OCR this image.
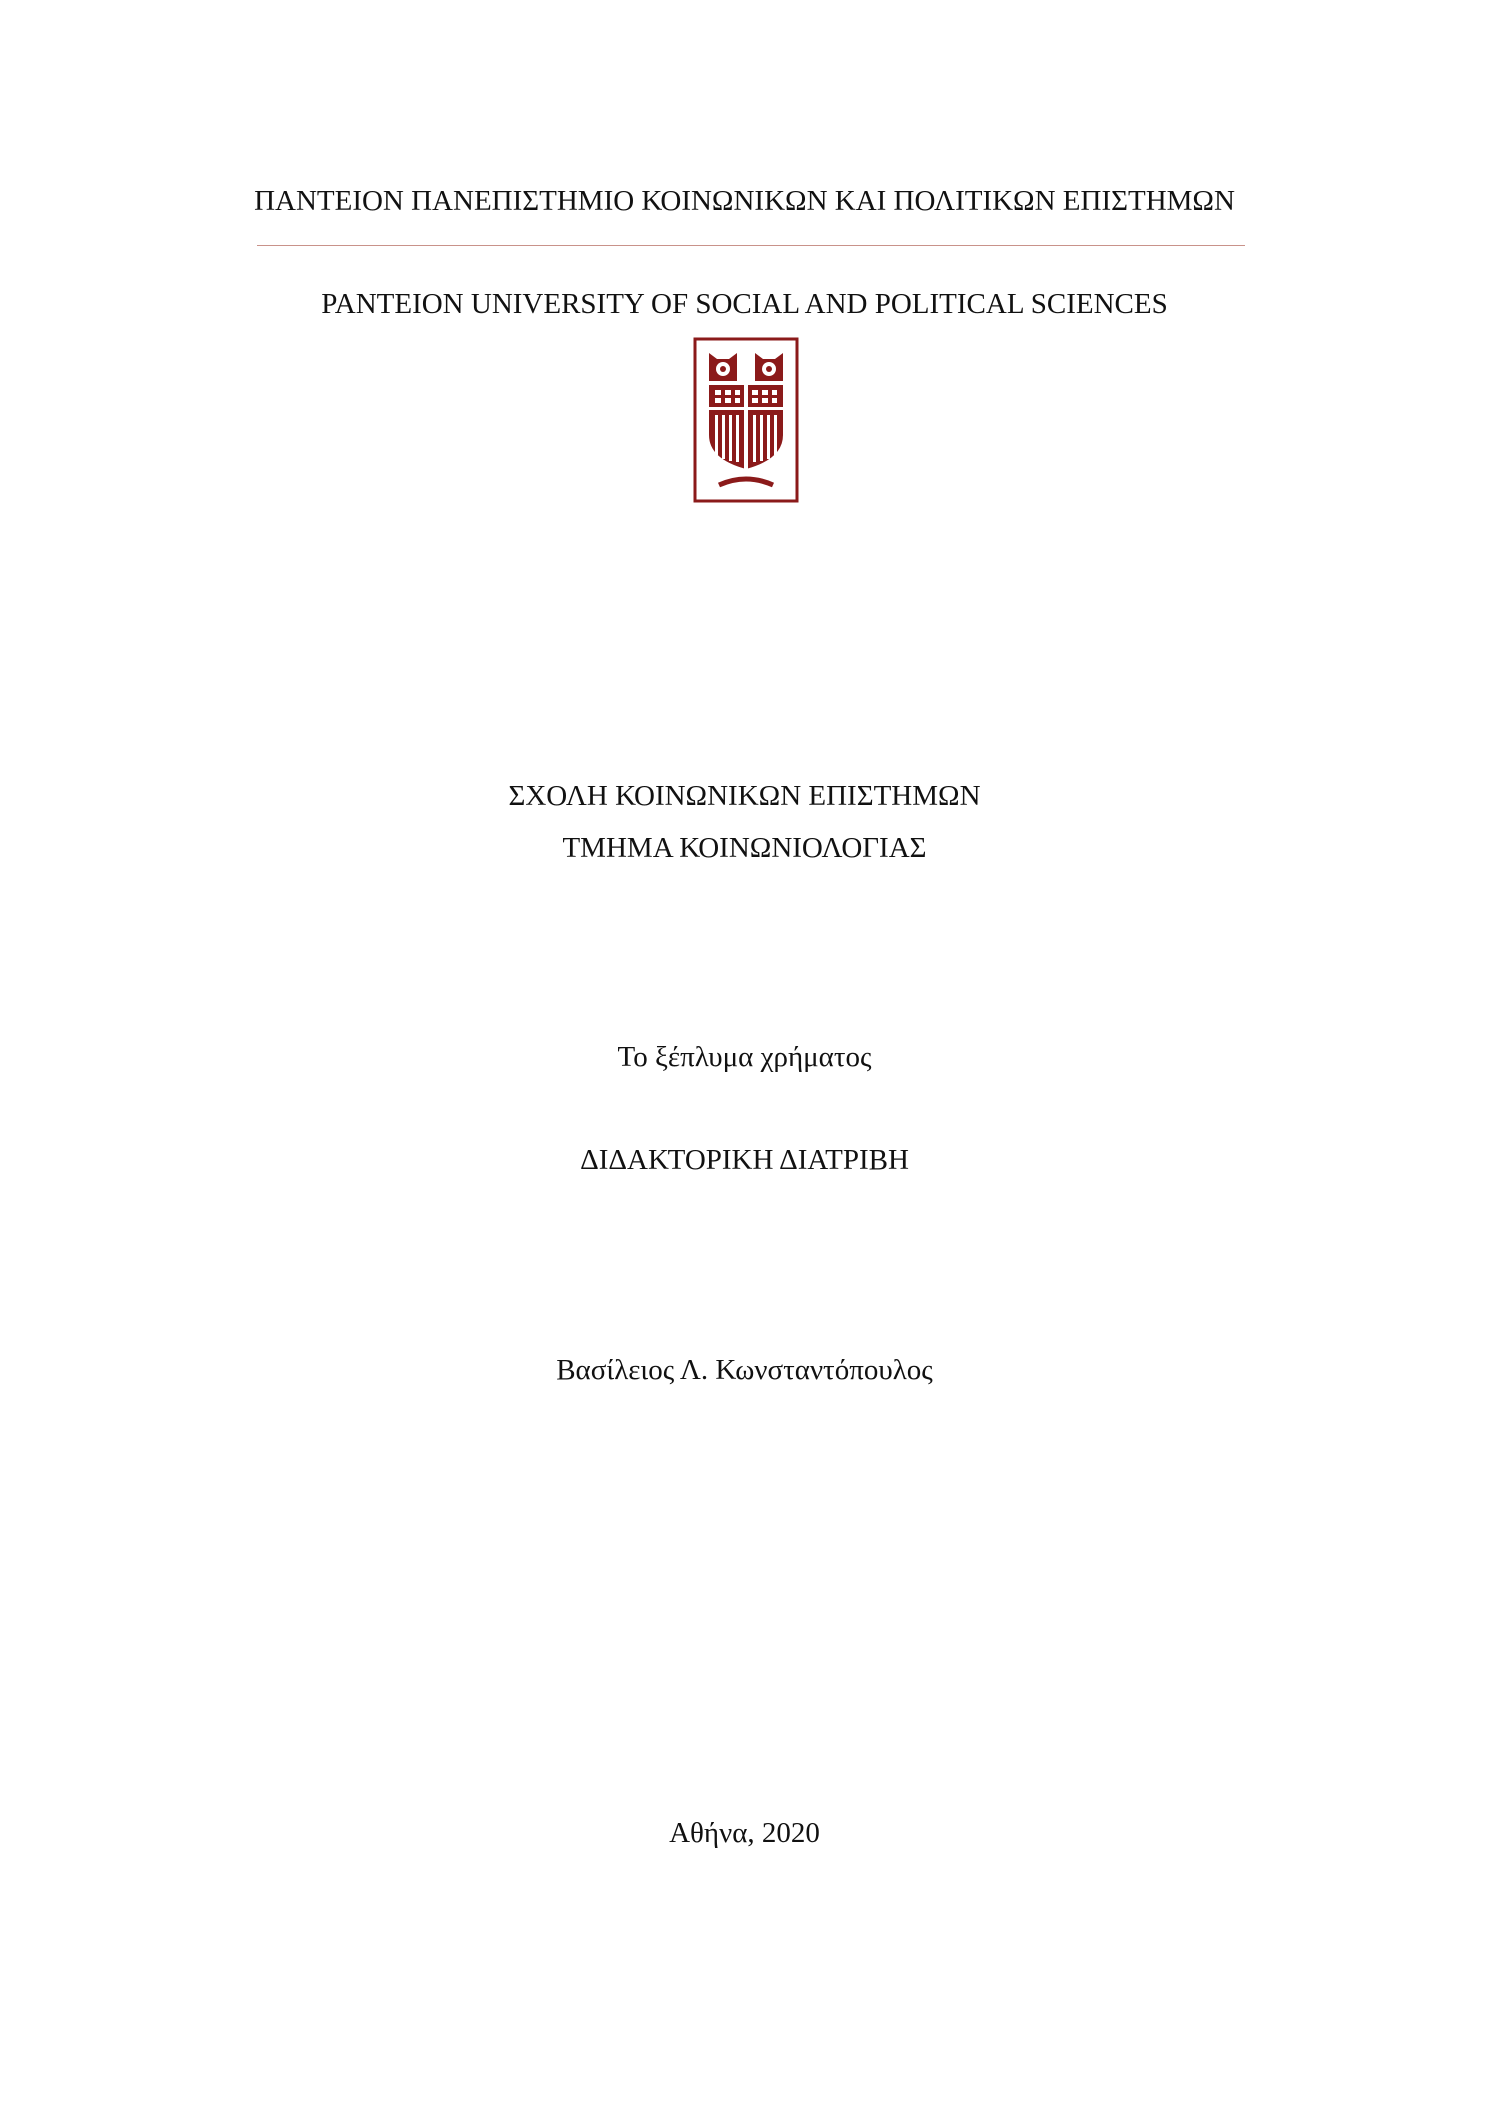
ΠΑΝΤΕΙΟΝ ΠΑΝΕΠΙΣΤΗΜΙΟ ΚΟΙΝΩΝΙΚΩΝ ΚΑΙ ΠΟΛΙΤΙΚΩΝ ΕΠΙΣΤΗΜΩΝ
PANTEION UNIVERSITY OF SOCIAL AND POLITICAL SCIENCES
ΣΧΟΛΗ ΚΟΙΝΩΝΙΚΩΝ ΕΠΙΣΤΗΜΩΝ
ΤΜΗΜΑ ΚΟΙΝΩΝΙΟΛΟΓΙΑΣ
Το ξέπλυμα χρήματος
ΔΙΔΑΚΤΟΡΙΚΗ ΔΙΑΤΡΙΒΗ
Βασίλειος Λ. Κωνσταντόπουλος
Αθήνα, 2020
